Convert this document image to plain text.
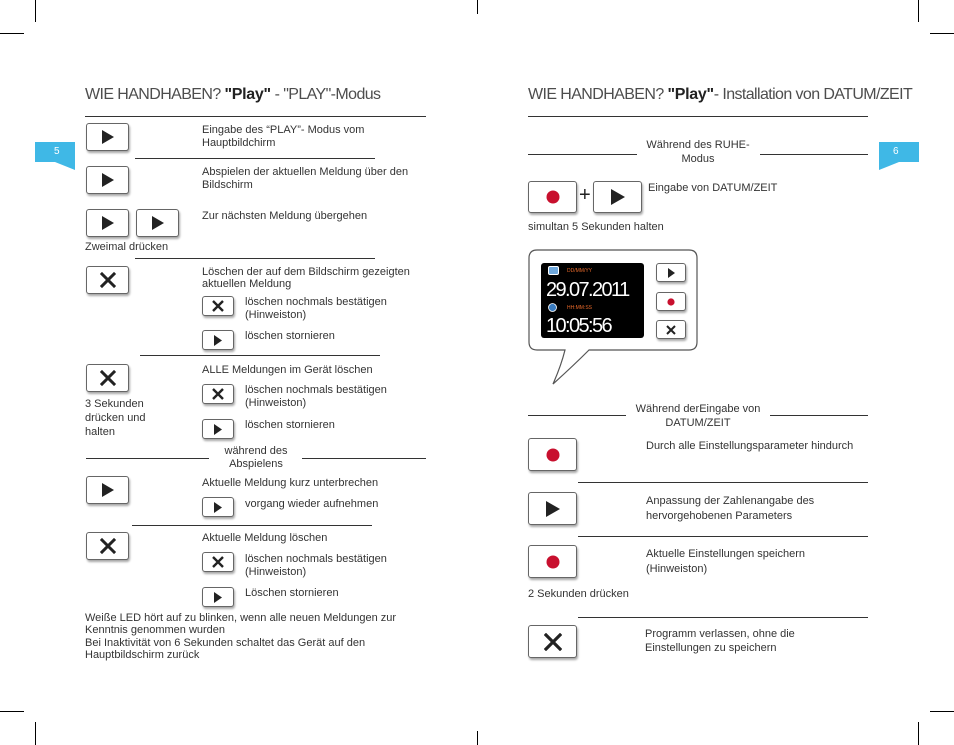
5	6
WIE HANDHABEN? "Play" - "PLAY"-Modus
Eingabe des “PLAY”- Modus vom Hauptbildchirm
Abspielen der aktuellen Meldung über den Bildschirm
Zur nächsten Meldung übergehen
Zweimal drücken
Löschen der auf dem Bildschirm gezeigten aktuellen Meldung
löschen nochmals bestätigen (Hinweiston)
löschen stornieren
ALLE Meldungen im Gerät löschen
3 Sekunden drücken und halten
löschen nochmals bestätigen (Hinweiston)
löschen stornieren
während des Abspielens
Aktuelle Meldung kurz unterbrechen
vorgang wieder aufnehmen
Aktuelle Meldung löschen
löschen nochmals bestätigen (Hinweiston)
Löschen stornieren
Weiße LED hört auf zu blinken, wenn alle neuen Meldungen zur Kenntnis genommen wurden
Bei Inaktivität von 6 Sekunden schaltet das Gerät auf den Hauptbildschirm zurück
WIE HANDHABEN? "Play"- Installation von DATUM/ZEIT
Während des RUHE-Modus
+	Eingabe von DATUM/ZEIT
simultan 5 Sekunden halten
DD/MM/YY
29.07.2011
HH:MM:SS
10:05:56
Während derEingabe von DATUM/ZEIT
Durch alle Einstellungsparameter hindurch
Anpassung der Zahlenangabe des hervorgehobenen Parameters
Aktuelle Einstellungen speichern (Hinweiston)
2 Sekunden drücken
Programm verlassen, ohne die Einstellungen zu speichern
